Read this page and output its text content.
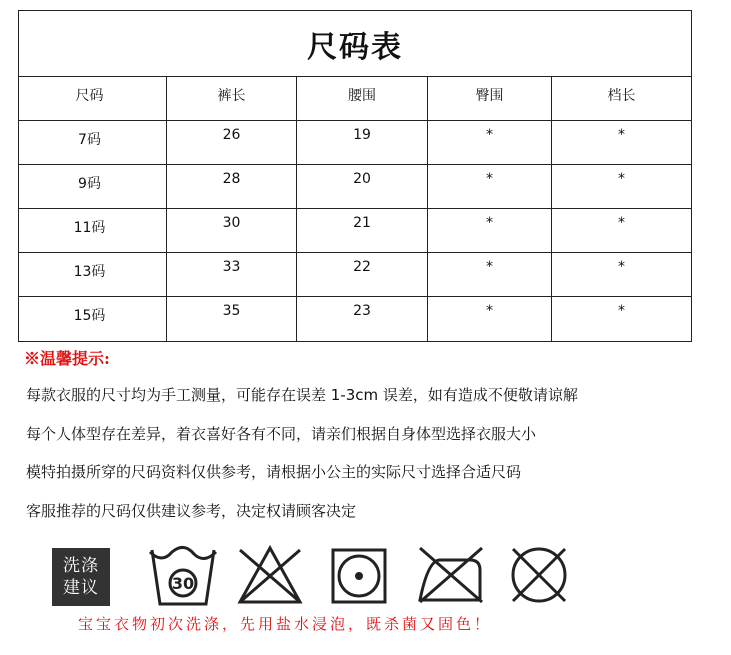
尺码表
尺码	裤长	腰围	臀围	档长
7码	26	19	*	*
9码	28	20	*	*
11码	30	21	*	*
13码	33	22	*	*
15码	35	23	*	*
※温馨提示:
每款衣服的尺寸均为手工测量，可能存在误差 1-3cm 误差，如有造成不便敬请谅解
每个人体型存在差异，着衣喜好各有不同，请亲们根据自身体型选择衣服大小
模特拍摄所穿的尺码资料仅供参考，请根据小公主的实际尺寸选择合适尺码
客服推荐的尺码仅供建议参考，决定权请顾客决定
洗涤
建议	30
宝宝衣物初次洗涤，先用盐水浸泡，既杀菌又固色！
